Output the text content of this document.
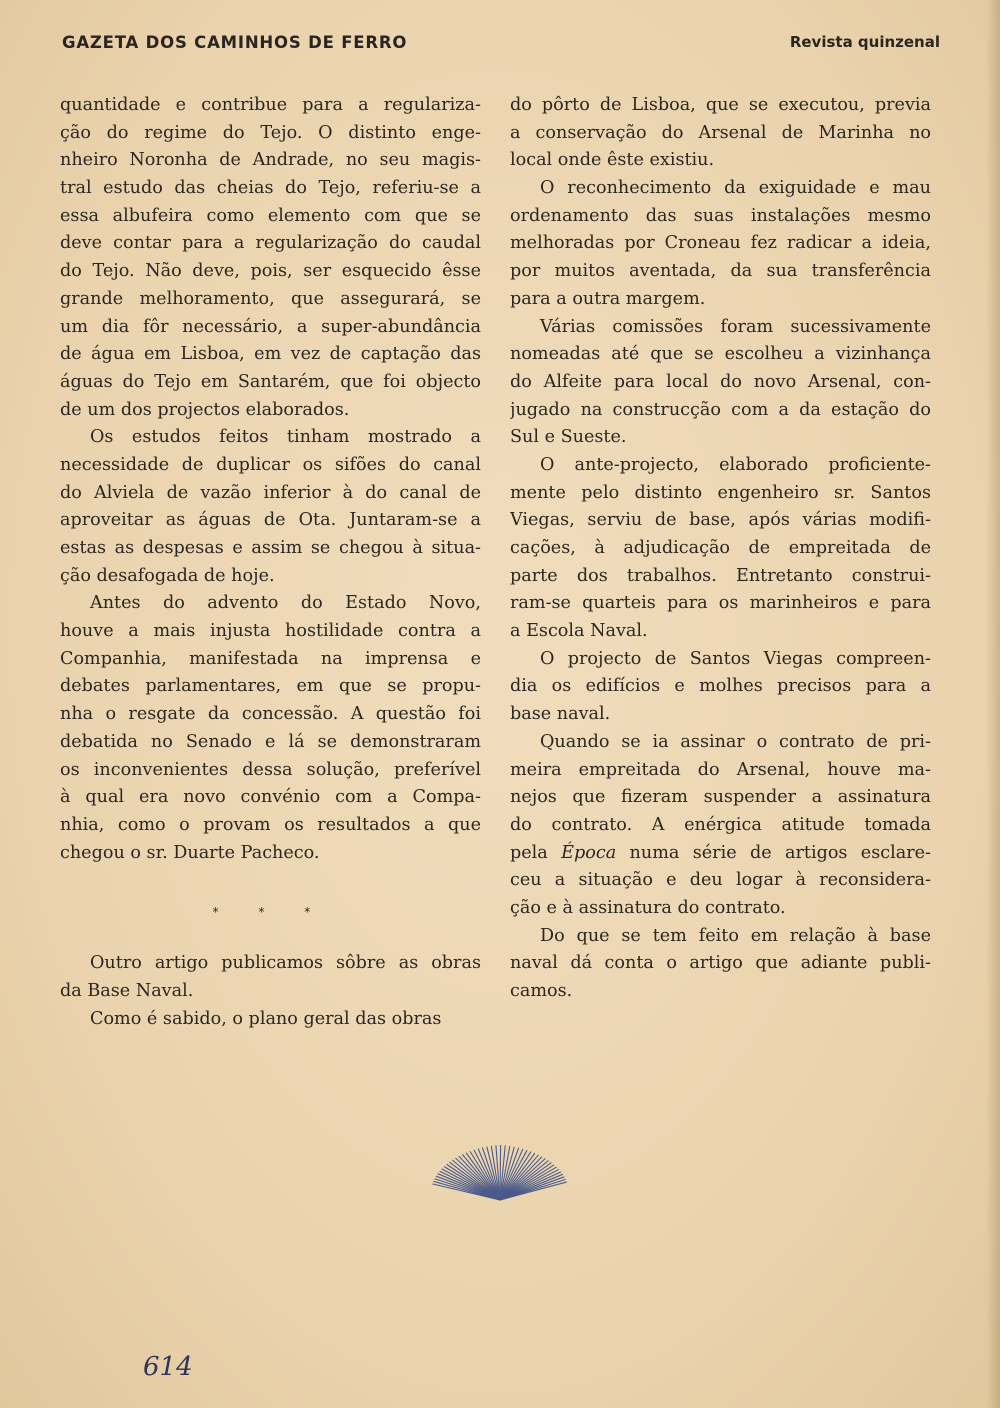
GAZETA DOS CAMINHOS DE FERRO	Revista quinzenal
quantidade e contribue para a regulariza-
ção do regime do Tejo. O distinto enge-
nheiro Noronha de Andrade, no seu magis-
tral estudo das cheias do Tejo, referiu-se a
essa albufeira como elemento com que se
deve contar para a regularização do caudal
do Tejo. Não deve, pois, ser esquecido êsse
grande melhoramento, que assegurará, se
um dia fôr necessário, a super-abundância
de água em Lisboa, em vez de captação das
águas do Tejo em Santarém, que foi objecto
de um dos projectos elaborados.
Os estudos feitos tinham mostrado a
necessidade de duplicar os sifões do canal
do Alviela de vazão inferior à do canal de
aproveitar as águas de Ota. Juntaram-se a
estas as despesas e assim se chegou à situa-
ção desafogada de hoje.
Antes do advento do Estado Novo,
houve a mais injusta hostilidade contra a
Companhia, manifestada na imprensa e
debates parlamentares, em que se propu-
nha o resgate da concessão. A questão foi
debatida no Senado e lá se demonstraram
os inconvenientes dessa solução, preferível
à qual era novo convénio com a Compa-
nhia, como o provam os resultados a que
chegou o sr. Duarte Pacheco.
* * *
Outro artigo publicamos sôbre as obras
da Base Naval.
Como é sabido, o plano geral das obras
do pôrto de Lisboa, que se executou, previa
a conservação do Arsenal de Marinha no
local onde êste existiu.
O reconhecimento da exiguidade e mau
ordenamento das suas instalações mesmo
melhoradas por Croneau fez radicar a ideia,
por muitos aventada, da sua transferência
para a outra margem.
Várias comissões foram sucessivamente
nomeadas até que se escolheu a vizinhança
do Alfeite para local do novo Arsenal, con-
jugado na construcção com a da estação do
Sul e Sueste.
O ante-projecto, elaborado proficiente-
mente pelo distinto engenheiro sr. Santos
Viegas, serviu de base, após várias modifi-
cações, à adjudicação de empreitada de
parte dos trabalhos. Entretanto construi-
ram-se quarteis para os marinheiros e para
a Escola Naval.
O projecto de Santos Viegas compreen-
dia os edifícios e molhes precisos para a
base naval.
Quando se ia assinar o contrato de pri-
meira empreitada do Arsenal, houve ma-
nejos que fizeram suspender a assinatura
do contrato. A enérgica atitude tomada
pela Época numa série de artigos esclare-
ceu a situação e deu logar à reconsidera-
ção e à assinatura do contrato.
Do que se tem feito em relação à base
naval dá conta o artigo que adiante publi-
camos.
614
